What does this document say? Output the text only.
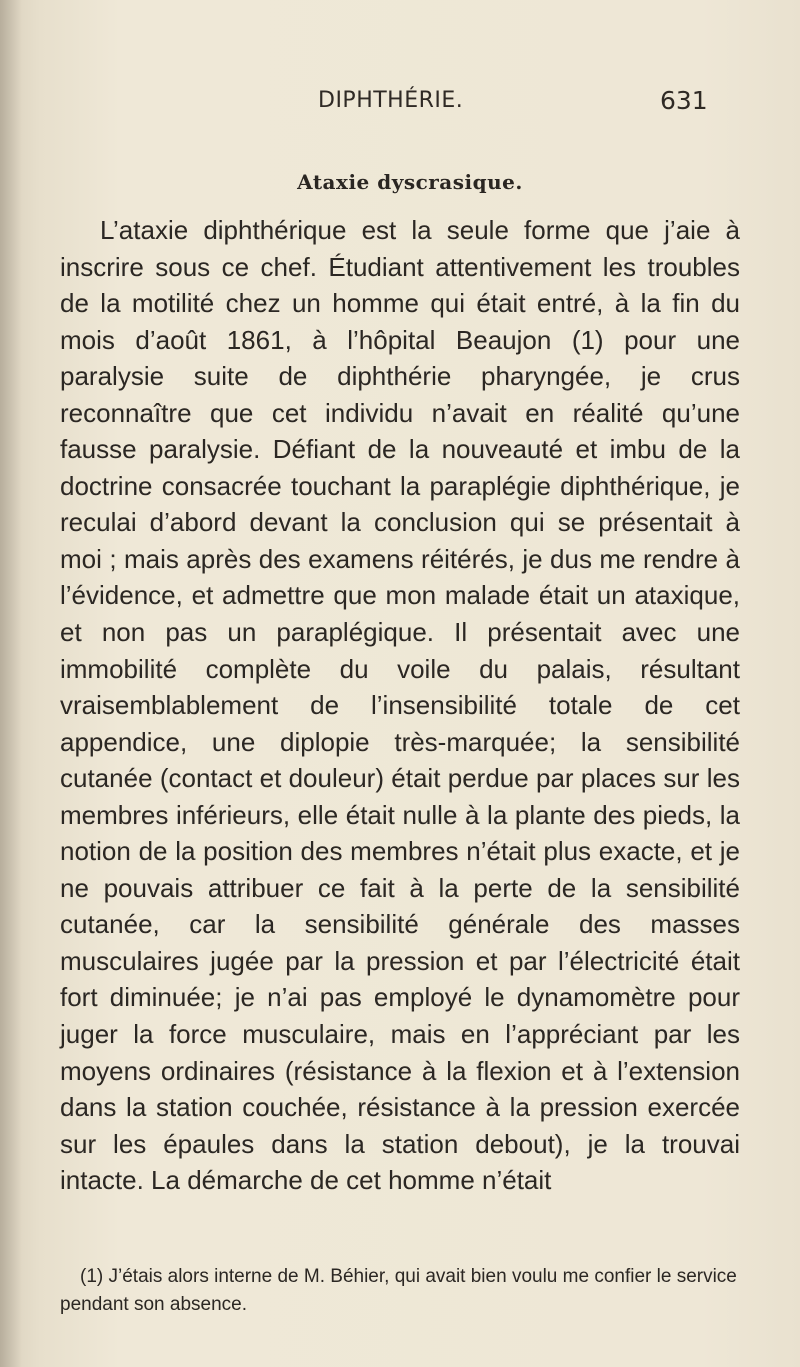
DIPHTHÉRIE.	631
Ataxie dyscrasique.

L’ataxie diphthérique est la seule forme que j’aie à inscrire sous ce chef. Étudiant attentivement les troubles de la motilité chez un homme qui était entré, à la fin du mois d’août 1861, à l’hôpital Beaujon (1) pour une paralysie suite de diphthérie pharyngée, je crus reconnaître que cet individu n’avait en réalité qu’une fausse paralysie. Défiant de la nouveauté et imbu de la doctrine consacrée touchant la paraplégie diphthérique, je reculai d’abord devant la conclusion qui se présentait à moi ; mais après des examens réitérés, je dus me rendre à l’évidence, et admettre que mon malade était un ataxique, et non pas un paraplégique. Il présentait avec une immobilité complète du voile du palais, résultant vraisemblablement de l’insensibilité totale de cet appendice, une diplopie très-marquée; la sensibilité cutanée (contact et douleur) était perdue par places sur les membres inférieurs, elle était nulle à la plante des pieds, la notion de la position des membres n’était plus exacte, et je ne pouvais attribuer ce fait à la perte de la sensibilité cutanée, car la sensibilité générale des masses musculaires jugée par la pression et par l’électricité était fort diminuée; je n’ai pas employé le dynamomètre pour juger la force musculaire, mais en l’appréciant par les moyens ordinaires (résistance à la flexion et à l’extension dans la station couchée, résistance à la pression exercée sur les épaules dans la station debout), je la trouvai intacte. La démarche de cet homme n’était

(1) J’étais alors interne de M. Béhier, qui avait bien voulu me confier le service pendant son absence.
